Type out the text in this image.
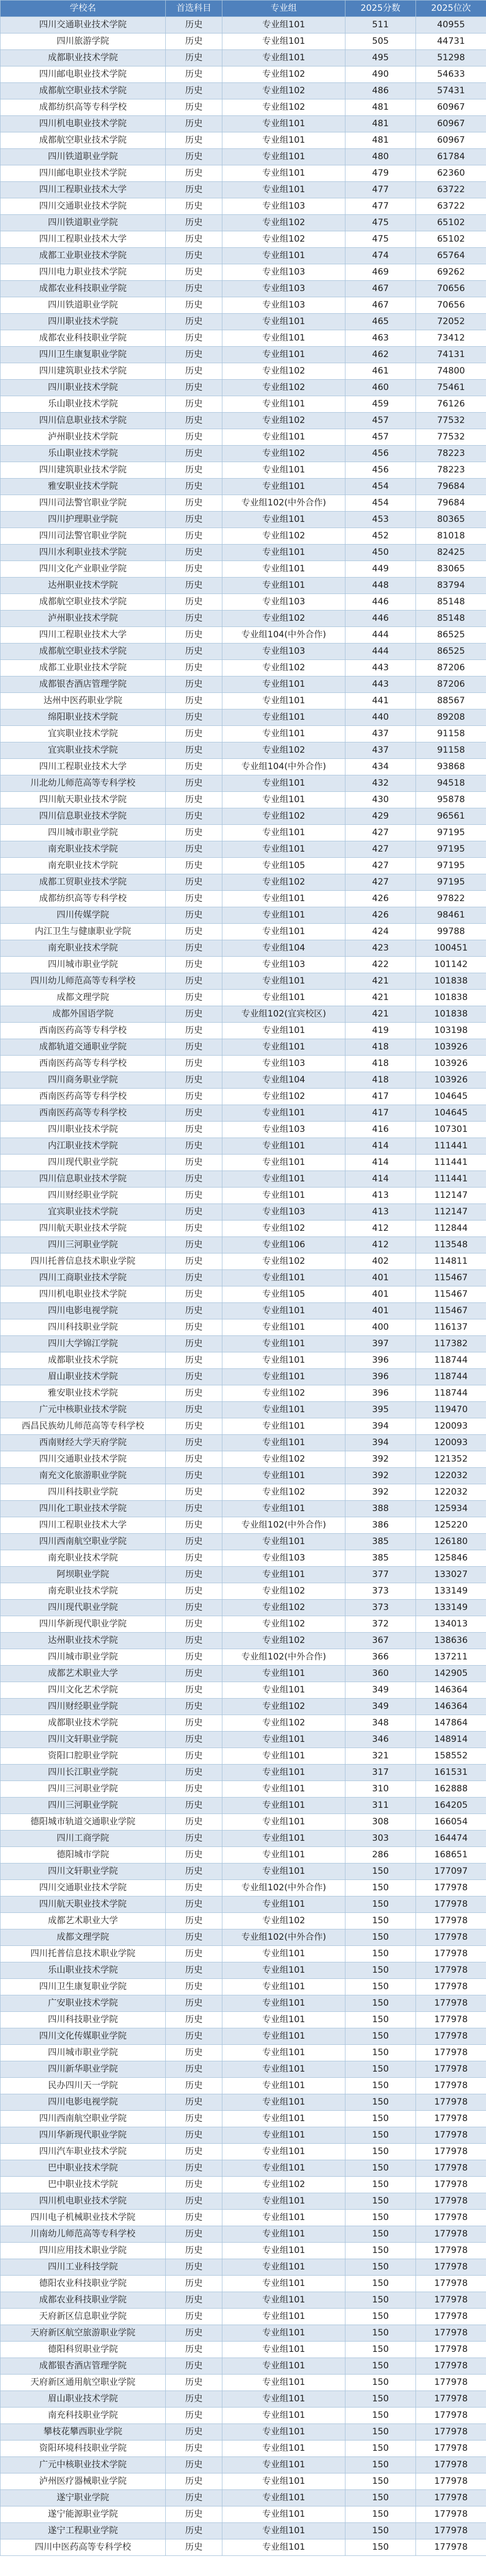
学校名	首选科目	专业组	2025分数	2025位次
四川交通职业技术学院	历史	专业组101	511	40955
四川旅游学院	历史	专业组101	505	44731
成都职业技术学院	历史	专业组101	495	51298
四川邮电职业技术学院	历史	专业组102	490	54633
成都航空职业技术学院	历史	专业组102	486	57431
成都纺织高等专科学校	历史	专业组102	481	60967
四川机电职业技术学院	历史	专业组101	481	60967
成都航空职业技术学院	历史	专业组101	481	60967
四川铁道职业学院	历史	专业组101	480	61784
四川邮电职业技术学院	历史	专业组101	479	62360
四川工程职业技术大学	历史	专业组101	477	63722
四川交通职业技术学院	历史	专业组103	477	63722
四川铁道职业学院	历史	专业组102	475	65102
四川工程职业技术大学	历史	专业组102	475	65102
成都工业职业技术学院	历史	专业组101	474	65764
四川电力职业技术学院	历史	专业组103	469	69262
成都农业科技职业学院	历史	专业组103	467	70656
四川铁道职业学院	历史	专业组103	467	70656
四川职业技术学院	历史	专业组101	465	72052
成都农业科技职业学院	历史	专业组101	463	73412
四川卫生康复职业学院	历史	专业组101	462	74131
四川建筑职业技术学院	历史	专业组102	461	74800
四川职业技术学院	历史	专业组102	460	75461
乐山职业技术学院	历史	专业组101	459	76126
四川信息职业技术学院	历史	专业组102	457	77532
泸州职业技术学院	历史	专业组101	457	77532
乐山职业技术学院	历史	专业组102	456	78223
四川建筑职业技术学院	历史	专业组101	456	78223
雅安职业技术学院	历史	专业组101	454	79684
四川司法警官职业学院	历史	专业组102(中外合作)	454	79684
四川护理职业学院	历史	专业组101	453	80365
四川司法警官职业学院	历史	专业组102	452	81018
四川水利职业技术学院	历史	专业组101	450	82425
四川文化产业职业学院	历史	专业组101	449	83065
达州职业技术学院	历史	专业组101	448	83794
成都航空职业技术学院	历史	专业组103	446	85148
泸州职业技术学院	历史	专业组102	446	85148
四川工程职业技术大学	历史	专业组104(中外合作)	444	86525
成都航空职业技术学院	历史	专业组103	444	86525
成都工业职业技术学院	历史	专业组102	443	87206
成都银杏酒店管理学院	历史	专业组101	443	87206
达州中医药职业学院	历史	专业组101	441	88567
绵阳职业技术学院	历史	专业组101	440	89208
宜宾职业技术学院	历史	专业组101	437	91158
宜宾职业技术学院	历史	专业组102	437	91158
四川工程职业技术大学	历史	专业组104(中外合作)	434	93868
川北幼儿师范高等专科学校	历史	专业组101	432	94518
四川航天职业技术学院	历史	专业组101	430	95878
四川信息职业技术学院	历史	专业组102	429	96561
四川城市职业学院	历史	专业组101	427	97195
南充职业技术学院	历史	专业组101	427	97195
南充职业技术学院	历史	专业组105	427	97195
成都工贸职业技术学院	历史	专业组102	427	97195
成都纺织高等专科学校	历史	专业组101	426	97822
四川传媒学院	历史	专业组101	426	98461
内江卫生与健康职业学院	历史	专业组101	424	99788
南充职业技术学院	历史	专业组104	423	100451
四川城市职业学院	历史	专业组103	422	101142
四川幼儿师范高等专科学校	历史	专业组101	421	101838
成都文理学院	历史	专业组101	421	101838
成都外国语学院	历史	专业组102(宜宾校区)	421	101838
西南医药高等专科学校	历史	专业组101	419	103198
成都轨道交通职业学院	历史	专业组101	418	103926
西南医药高等专科学校	历史	专业组103	418	103926
四川商务职业学院	历史	专业组104	418	103926
西南医药高等专科学校	历史	专业组102	417	104645
西南医药高等专科学校	历史	专业组101	417	104645
四川职业技术学院	历史	专业组103	416	107301
内江职业技术学院	历史	专业组101	414	111441
四川现代职业学院	历史	专业组101	414	111441
四川信息职业技术学院	历史	专业组101	414	111441
四川财经职业学院	历史	专业组101	413	112147
宜宾职业技术学院	历史	专业组103	413	112147
四川航天职业技术学院	历史	专业组102	412	112844
四川三河职业学院	历史	专业组106	412	113548
四川托普信息技术职业学院	历史	专业组102	402	114811
四川工商职业技术学院	历史	专业组101	401	115467
四川机电职业技术学院	历史	专业组105	401	115467
四川电影电视学院	历史	专业组101	401	115467
四川科技职业学院	历史	专业组101	400	116137
四川大学锦江学院	历史	专业组101	397	117382
成都职业技术学院	历史	专业组101	396	118744
眉山职业技术学院	历史	专业组101	396	118744
雅安职业技术学院	历史	专业组102	396	118744
广元中核职业技术学院	历史	专业组101	395	119470
西昌民族幼儿师范高等专科学校	历史	专业组101	394	120093
西南财经大学天府学院	历史	专业组101	394	120093
四川交通职业技术学院	历史	专业组102	392	121352
南充文化旅游职业学院	历史	专业组101	392	122032
四川科技职业学院	历史	专业组102	392	122032
四川化工职业技术学院	历史	专业组101	388	125934
四川工程职业技术大学	历史	专业组102(中外合作)	386	125220
四川西南航空职业学院	历史	专业组101	385	126180
南充职业技术学院	历史	专业组103	385	125846
阿坝职业学院	历史	专业组101	377	133027
南充职业技术学院	历史	专业组102	373	133149
四川现代职业学院	历史	专业组102	373	133149
四川华新现代职业学院	历史	专业组102	372	134013
达州职业技术学院	历史	专业组102	367	138636
四川城市职业学院	历史	专业组102(中外合作)	366	137211
成都艺术职业大学	历史	专业组101	360	142905
四川文化艺术学院	历史	专业组101	349	146364
四川财经职业学院	历史	专业组102	349	146364
成都职业技术学院	历史	专业组102	348	147864
四川文轩职业学院	历史	专业组101	346	148914
资阳口腔职业学院	历史	专业组101	321	158552
四川长江职业学院	历史	专业组101	317	161531
四川三河职业学院	历史	专业组101	310	162888
四川三河职业学院	历史	专业组101	311	164205
德阳城市轨道交通职业学院	历史	专业组101	308	166054
四川工商学院	历史	专业组101	303	164474
德阳城市学院	历史	专业组101	286	168651
四川文轩职业学院	历史	专业组101	150	177097
四川交通职业技术学院	历史	专业组102(中外合作)	150	177978
四川航天职业技术学院	历史	专业组101	150	177978
成都艺术职业大学	历史	专业组102	150	177978
成都文理学院	历史	专业组102(中外合作)	150	177978
四川托普信息技术职业学院	历史	专业组101	150	177978
乐山职业技术学院	历史	专业组101	150	177978
四川卫生康复职业学院	历史	专业组101	150	177978
广安职业技术学院	历史	专业组101	150	177978
四川科技职业学院	历史	专业组101	150	177978
四川文化传媒职业学院	历史	专业组101	150	177978
四川城市职业学院	历史	专业组101	150	177978
四川新华职业学院	历史	专业组101	150	177978
民办四川天一学院	历史	专业组101	150	177978
四川电影电视学院	历史	专业组101	150	177978
四川西南航空职业学院	历史	专业组101	150	177978
四川华新现代职业学院	历史	专业组101	150	177978
四川汽车职业技术学院	历史	专业组101	150	177978
巴中职业技术学院	历史	专业组101	150	177978
巴中职业技术学院	历史	专业组102	150	177978
四川机电职业技术学院	历史	专业组101	150	177978
四川电子机械职业技术学院	历史	专业组101	150	177978
川南幼儿师范高等专科学校	历史	专业组101	150	177978
四川应用技术职业学院	历史	专业组101	150	177978
四川工业科技学院	历史	专业组101	150	177978
德阳农业科技职业学院	历史	专业组101	150	177978
成都农业科技职业学院	历史	专业组101	150	177978
天府新区信息职业学院	历史	专业组101	150	177978
天府新区航空旅游职业学院	历史	专业组101	150	177978
德阳科贸职业学院	历史	专业组101	150	177978
成都银杏酒店管理学院	历史	专业组101	150	177978
天府新区通用航空职业学院	历史	专业组101	150	177978
眉山职业技术学院	历史	专业组101	150	177978
南充科技职业学院	历史	专业组101	150	177978
攀枝花攀西职业学院	历史	专业组101	150	177978
资阳环境科技职业学院	历史	专业组101	150	177978
广元中核职业技术学院	历史	专业组101	150	177978
泸州医疗器械职业学院	历史	专业组101	150	177978
遂宁职业学院	历史	专业组101	150	177978
遂宁能源职业学院	历史	专业组101	150	177978
遂宁工程职业学院	历史	专业组101	150	177978
四川中医药高等专科学校	历史	专业组101	150	177978
